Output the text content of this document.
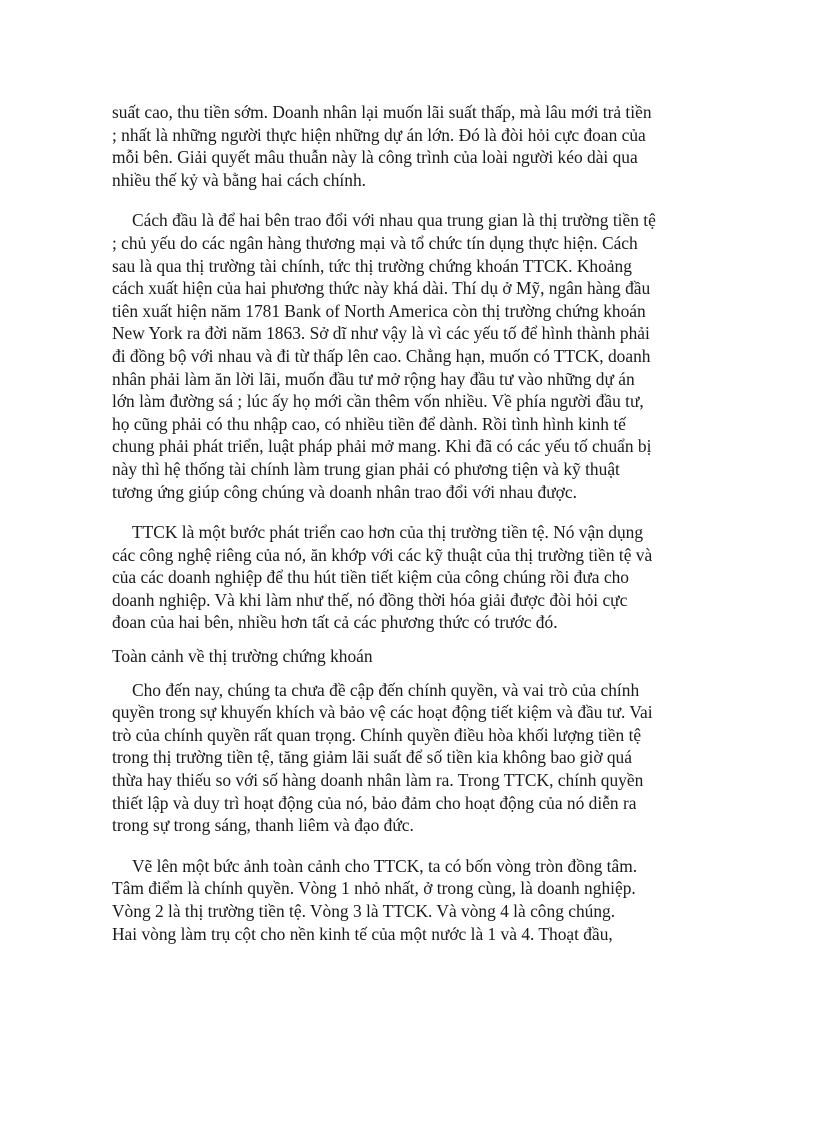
suất cao, thu tiền sớm. Doanh nhân lại muốn lãi suất thấp, mà lâu mới trả tiền
; nhất là những người thực hiện những dự án lớn. Đó là đòi hỏi cực đoan của
mỗi bên. Giải quyết mâu thuẫn này là công trình của loài người kéo dài qua
nhiều thế kỷ và bằng hai cách chính.

Cách đầu là để hai bên trao đổi với nhau qua trung gian là thị trường tiền tệ
; chủ yếu do các ngân hàng thương mại và tổ chức tín dụng thực hiện. Cách
sau là qua thị trường tài chính, tức thị trường chứng khoán TTCK. Khoảng
cách xuất hiện của hai phương thức này khá dài. Thí dụ ở Mỹ, ngân hàng đầu
tiên xuất hiện năm 1781 Bank of North America còn thị trường chứng khoán
New York ra đời năm 1863. Sở dĩ như vậy là vì các yếu tố để hình thành phải
đi đồng bộ với nhau và đi từ thấp lên cao. Chẳng hạn, muốn có TTCK, doanh
nhân phải làm ăn lời lãi, muốn đầu tư mở rộng hay đầu tư vào những dự án
lớn làm đường sá ; lúc ấy họ mới cần thêm vốn nhiều. Về phía người đầu tư,
họ cũng phải có thu nhập cao, có nhiều tiền để dành. Rồi tình hình kinh tế
chung phải phát triển, luật pháp phải mở mang. Khi đã có các yếu tố chuẩn bị
này thì hệ thống tài chính làm trung gian phải có phương tiện và kỹ thuật
tương ứng giúp công chúng và doanh nhân trao đổi với nhau được.

TTCK là một bước phát triển cao hơn của thị trường tiền tệ. Nó vận dụng
các công nghệ riêng của nó, ăn khớp với các kỹ thuật của thị trường tiền tệ và
của các doanh nghiệp để thu hút tiền tiết kiệm của công chúng rồi đưa cho
doanh nghiệp. Và khi làm như thế, nó đồng thời hóa giải được đòi hỏi cực
đoan của hai bên, nhiều hơn tất cả các phương thức có trước đó.

Toàn cảnh về thị trường chứng khoán

Cho đến nay, chúng ta chưa đề cập đến chính quyền, và vai trò của chính
quyền trong sự khuyến khích và bảo vệ các hoạt động tiết kiệm và đầu tư. Vai
trò của chính quyền rất quan trọng. Chính quyền điều hòa khối lượng tiền tệ
trong thị trường tiền tệ, tăng giảm lãi suất để số tiền kia không bao giờ quá
thừa hay thiếu so với số hàng doanh nhân làm ra. Trong TTCK, chính quyền
thiết lập và duy trì hoạt động của nó, bảo đảm cho hoạt động của nó diễn ra
trong sự trong sáng, thanh liêm và đạo đức.

Vẽ lên một bức ảnh toàn cảnh cho TTCK, ta có bốn vòng tròn đồng tâm.
Tâm điểm là chính quyền. Vòng 1 nhỏ nhất, ở trong cùng, là doanh nghiệp.
Vòng 2 là thị trường tiền tệ. Vòng 3 là TTCK. Và vòng 4 là công chúng.
Hai vòng làm trụ cột cho nền kinh tế của một nước là 1 và 4. Thoạt đầu,
